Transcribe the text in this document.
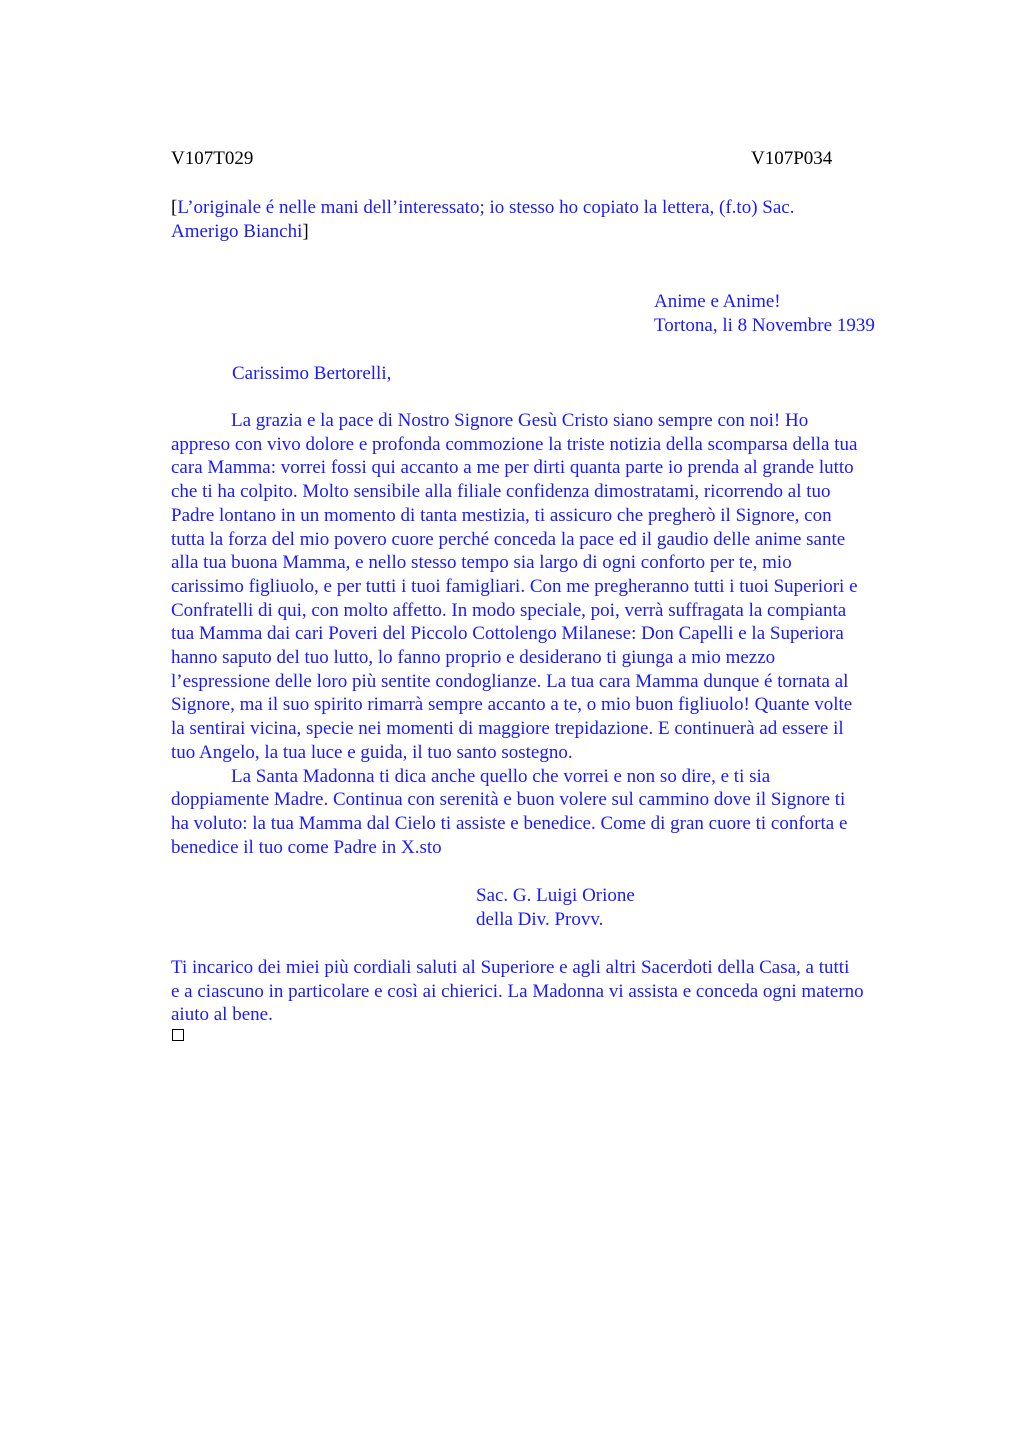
V107T029	V107P034
[L’originale é nelle mani dell’interessato; io stesso ho copiato la lettera, (f.to) Sac.
Amerigo Bianchi]
Anime e Anime!
Tortona, li 8 Novembre 1939
Carissimo Bertorelli,
La grazia e la pace di Nostro Signore Gesù Cristo siano sempre con noi! Ho
appreso con vivo dolore e profonda commozione la triste notizia della scomparsa della tua
cara Mamma: vorrei fossi qui accanto a me per dirti quanta parte io prenda al grande lutto
che ti ha colpito. Molto sensibile alla filiale confidenza dimostratami, ricorrendo al tuo
Padre lontano in un momento di tanta mestizia, ti assicuro che pregherò il Signore, con
tutta la forza del mio povero cuore perché conceda la pace ed il gaudio delle anime sante
alla tua buona Mamma, e nello stesso tempo sia largo di ogni conforto per te, mio
carissimo figliuolo, e per tutti i tuoi famigliari. Con me pregheranno tutti i tuoi Superiori e
Confratelli di qui, con molto affetto. In modo speciale, poi, verrà suffragata la compianta
tua Mamma dai cari Poveri del Piccolo Cottolengo Milanese: Don Capelli e la Superiora
hanno saputo del tuo lutto, lo fanno proprio e desiderano ti giunga a mio mezzo
l’espressione delle loro più sentite condoglianze. La tua cara Mamma dunque é tornata al
Signore, ma il suo spirito rimarrà sempre accanto a te, o mio buon figliuolo! Quante volte
la sentirai vicina, specie nei momenti di maggiore trepidazione. E continuerà ad essere il
tuo Angelo, la tua luce e guida, il tuo santo sostegno.
La Santa Madonna ti dica anche quello che vorrei e non so dire, e ti sia
doppiamente Madre. Continua con serenità e buon volere sul cammino dove il Signore ti
ha voluto: la tua Mamma dal Cielo ti assiste e benedice. Come di gran cuore ti conforta e
benedice il tuo come Padre in X.sto
Sac. G. Luigi Orione
della Div. Provv.
Ti incarico dei miei più cordiali saluti al Superiore e agli altri Sacerdoti della Casa, a tutti
e a ciascuno in particolare e così ai chierici. La Madonna vi assista e conceda ogni materno
aiuto al bene.
